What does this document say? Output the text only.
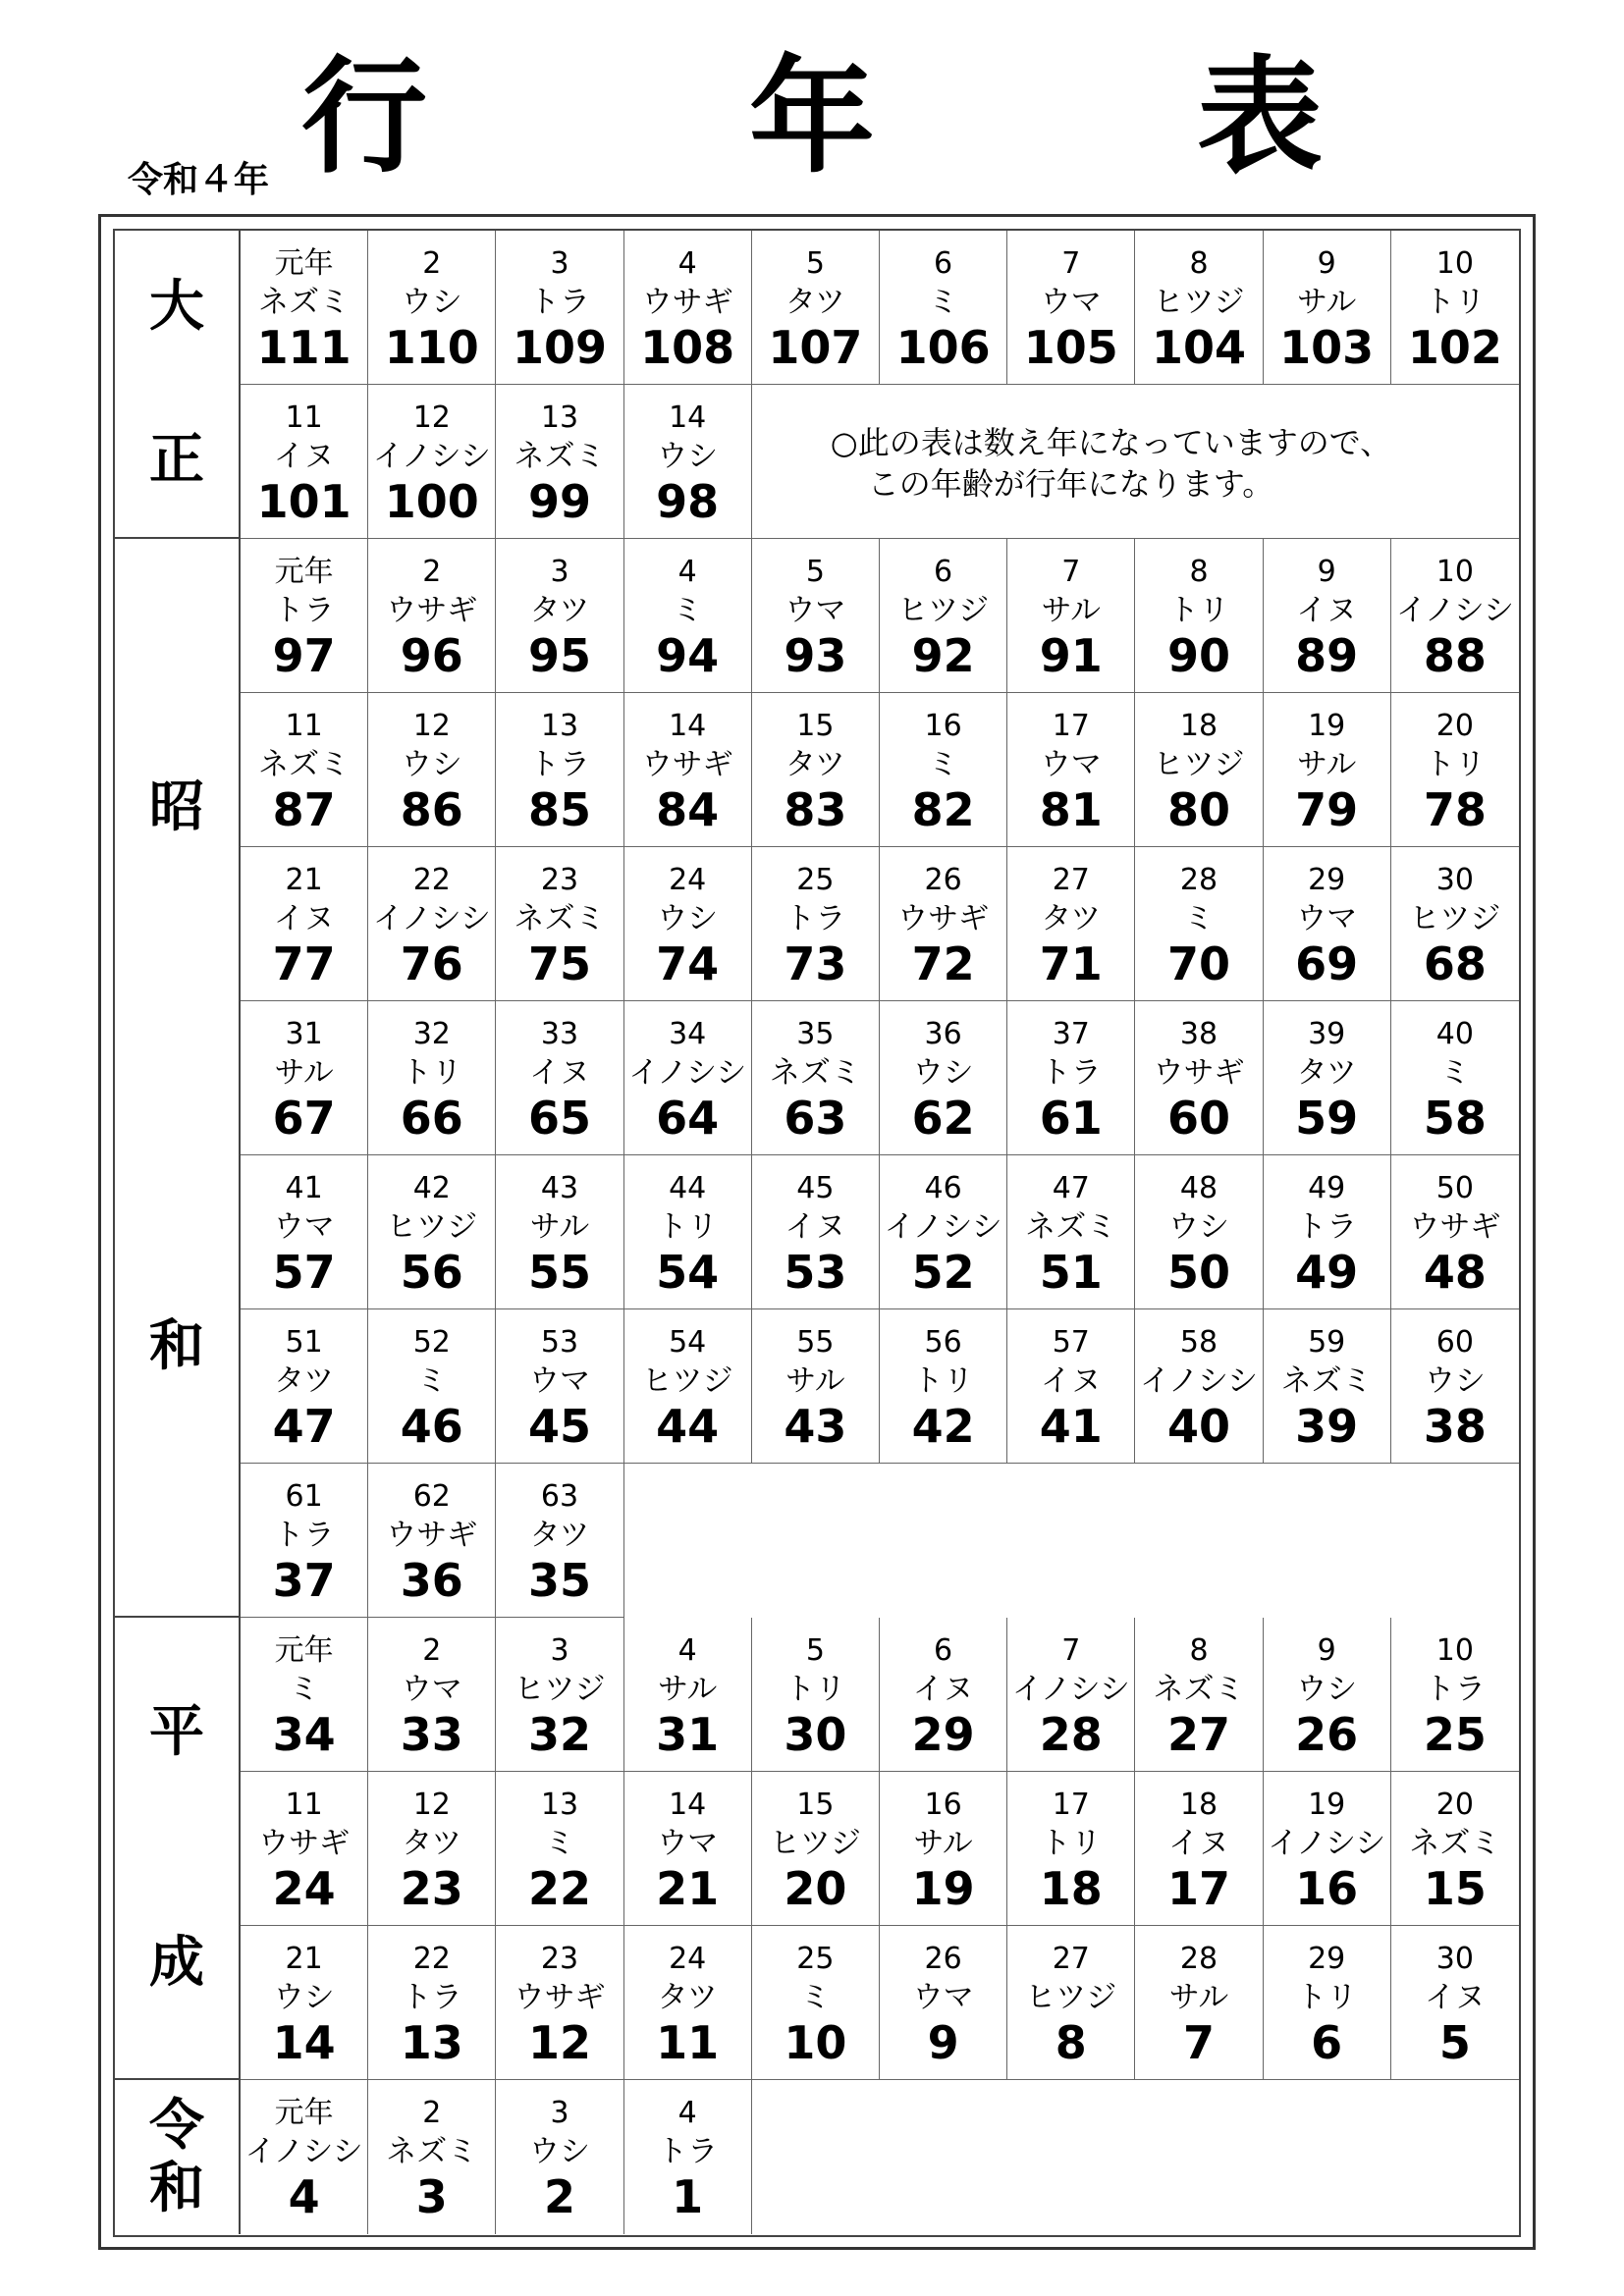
行　年　表
令和４年
大
正
元年
ネズミ
111
2
ウシ
110
3
トラ
109
4
ウサギ
108
5
タツ
107
6
ミ
106
7
ウマ
105
8
ヒツジ
104
9
サル
103
10
トリ
102
11
イヌ
101
12
イノシシ
100
13
ネズミ
99
14
ウシ
98
○此の表は数え年になっていますので、
この年齢が行年になります。
昭
和
元年
トラ
97
2
ウサギ
96
3
タツ
95
4
ミ
94
5
ウマ
93
6
ヒツジ
92
7
サル
91
8
トリ
90
9
イヌ
89
10
イノシシ
88
11
ネズミ
87
12
ウシ
86
13
トラ
85
14
ウサギ
84
15
タツ
83
16
ミ
82
17
ウマ
81
18
ヒツジ
80
19
サル
79
20
トリ
78
21
イヌ
77
22
イノシシ
76
23
ネズミ
75
24
ウシ
74
25
トラ
73
26
ウサギ
72
27
タツ
71
28
ミ
70
29
ウマ
69
30
ヒツジ
68
31
サル
67
32
トリ
66
33
イヌ
65
34
イノシシ
64
35
ネズミ
63
36
ウシ
62
37
トラ
61
38
ウサギ
60
39
タツ
59
40
ミ
58
41
ウマ
57
42
ヒツジ
56
43
サル
55
44
トリ
54
45
イヌ
53
46
イノシシ
52
47
ネズミ
51
48
ウシ
50
49
トラ
49
50
ウサギ
48
51
タツ
47
52
ミ
46
53
ウマ
45
54
ヒツジ
44
55
サル
43
56
トリ
42
57
イヌ
41
58
イノシシ
40
59
ネズミ
39
60
ウシ
38
61
トラ
37
62
ウサギ
36
63
タツ
35
平
成
元年
ミ
34
2
ウマ
33
3
ヒツジ
32
4
サル
31
5
トリ
30
6
イヌ
29
7
イノシシ
28
8
ネズミ
27
9
ウシ
26
10
トラ
25
11
ウサギ
24
12
タツ
23
13
ミ
22
14
ウマ
21
15
ヒツジ
20
16
サル
19
17
トリ
18
18
イヌ
17
19
イノシシ
16
20
ネズミ
15
21
ウシ
14
22
トラ
13
23
ウサギ
12
24
タツ
11
25
ミ
10
26
ウマ
9
27
ヒツジ
8
28
サル
7
29
トリ
6
30
イヌ
5
令
和
元年
イノシシ
4
2
ネズミ
3
3
ウシ
2
4
トラ
1
